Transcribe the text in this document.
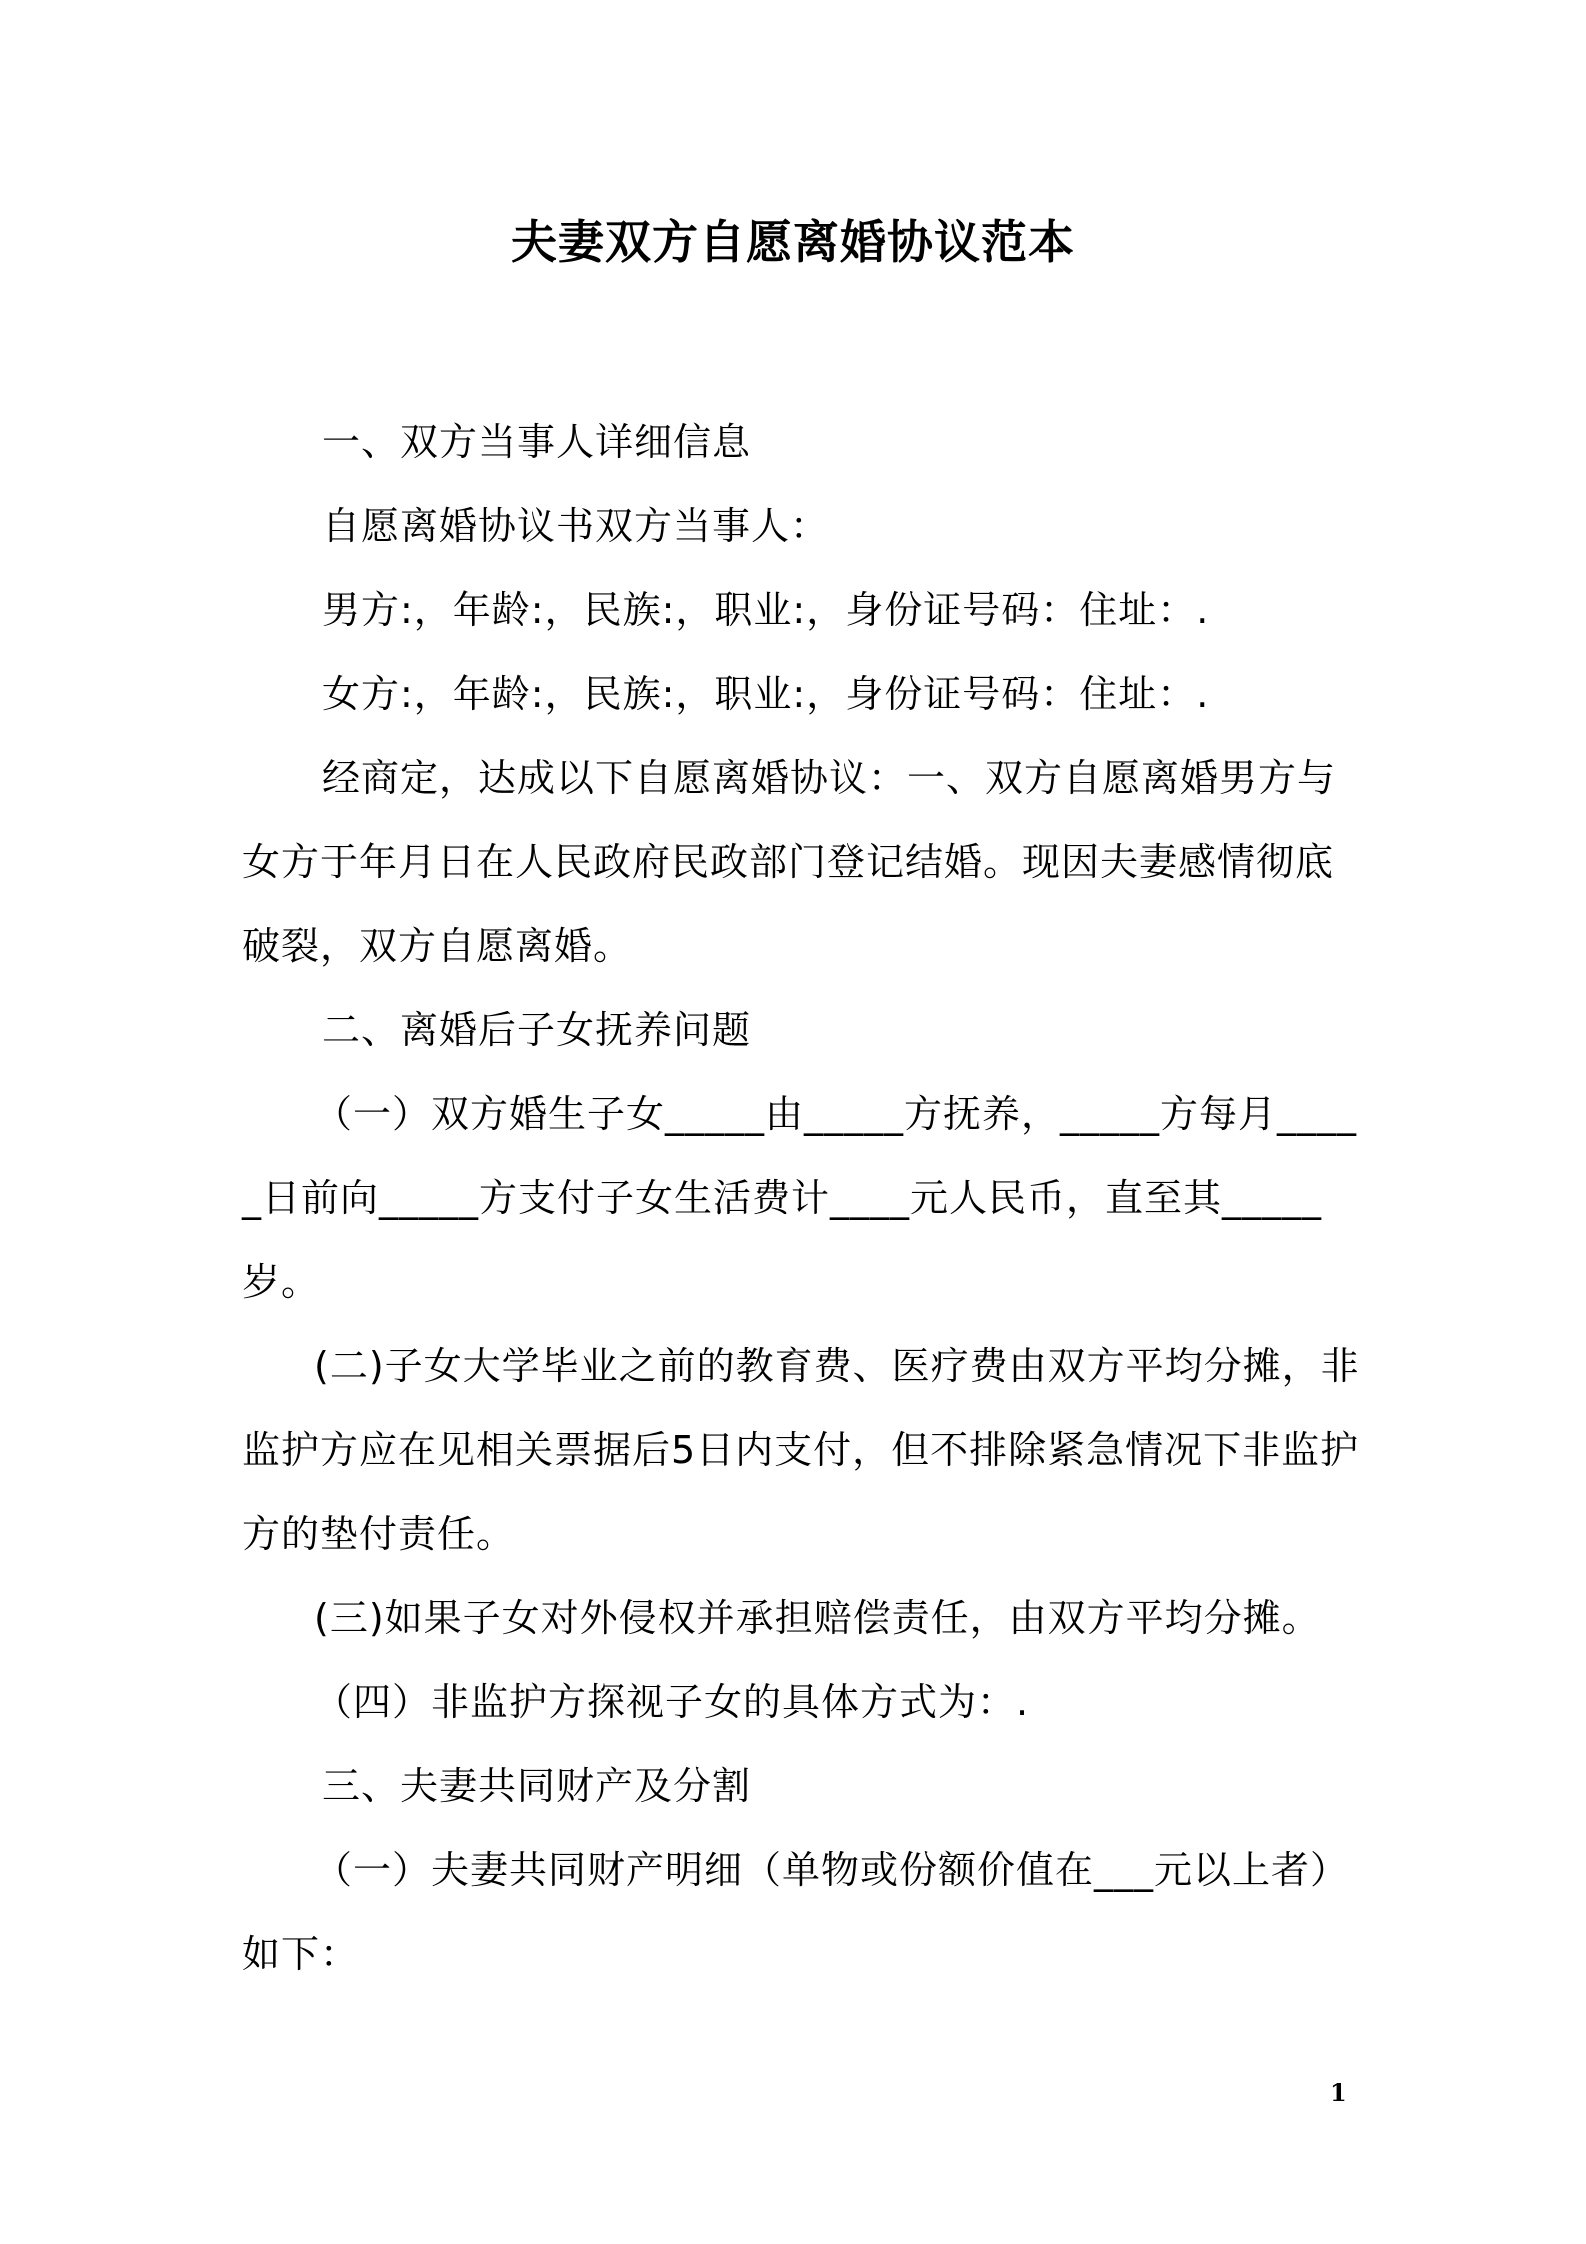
夫妻双方自愿离婚协议范本

一、双方当事人详细信息

自愿离婚协议书双方当事人：

男方:，年龄:，民族:，职业:，身份证号码：住址：.

女方:，年龄:，民族:，职业:，身份证号码：住址：.

经商定，达成以下自愿离婚协议：一、双方自愿离婚男方与女方于年月日在人民政府民政部门登记结婚。现因夫妻感情彻底破裂，双方自愿离婚。

二、离婚后子女抚养问题

（一）双方婚生子女_____由_____方抚养，_____方每月_____日前向_____方支付子女生活费计____元人民币，直至其_____岁。

(二)子女大学毕业之前的教育费、医疗费由双方平均分摊，非监护方应在见相关票据后5日内支付，但不排除紧急情况下非监护方的垫付责任。

(三)如果子女对外侵权并承担赔偿责任，由双方平均分摊。

（四）非监护方探视子女的具体方式为：.

三、夫妻共同财产及分割

（一）夫妻共同财产明细（单物或份额价值在___元以上者）如下：

1
